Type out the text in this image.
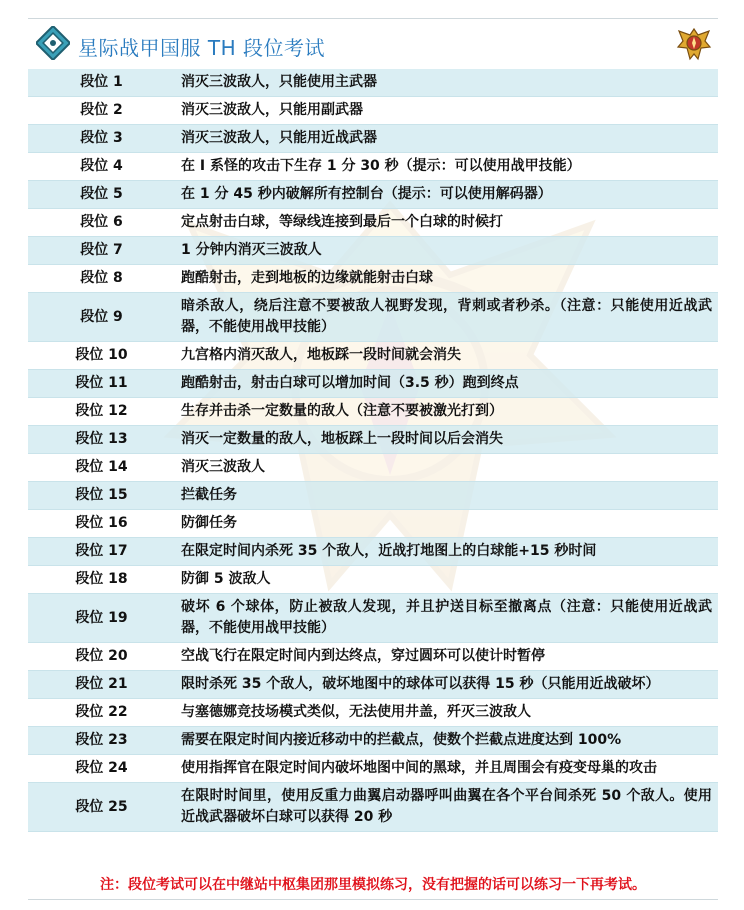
星际战甲国服 TH 段位考试
段位 1	消灭三波敌人，只能使用主武器
段位 2	消灭三波敌人，只能用副武器
段位 3	消灭三波敌人，只能用近战武器
段位 4	在 I 系怪的攻击下生存 1 分 30 秒（提示：可以使用战甲技能）
段位 5	在 1 分 45 秒内破解所有控制台（提示：可以使用解码器）
段位 6	定点射击白球，等绿线连接到最后一个白球的时候打
段位 7	1 分钟内消灭三波敌人
段位 8	跑酷射击，走到地板的边缘就能射击白球
段位 9	暗杀敌人，绕后注意不要被敌人视野发现，背刺或者秒杀。（注意：只能使用近战武器，不能使用战甲技能）
段位 10	九宫格内消灭敌人，地板踩一段时间就会消失
段位 11	跑酷射击，射击白球可以增加时间（3.5 秒）跑到终点
段位 12	生存并击杀一定数量的敌人（注意不要被激光打到）
段位 13	消灭一定数量的敌人，地板踩上一段时间以后会消失
段位 14	消灭三波敌人
段位 15	拦截任务
段位 16	防御任务
段位 17	在限定时间内杀死 35 个敌人，近战打地图上的白球能+15 秒时间
段位 18	防御 5 波敌人
段位 19	破坏 6 个球体，防止被敌人发现，并且护送目标至撤离点（注意：只能使用近战武器，不能使用战甲技能）
段位 20	空战飞行在限定时间内到达终点，穿过圆环可以使计时暂停
段位 21	限时杀死 35 个敌人，破坏地图中的球体可以获得 15 秒（只能用近战破坏）
段位 22	与塞德娜竞技场模式类似，无法使用井盖，歼灭三波敌人
段位 23	需要在限定时间内接近移动中的拦截点，使数个拦截点进度达到 100%
段位 24	使用指挥官在限定时间内破坏地图中间的黑球，并且周围会有疫变母巢的攻击
段位 25	在限时时间里，使用反重力曲翼启动器呼叫曲翼在各个平台间杀死 50 个敌人。使用近战武器破坏白球可以获得 20 秒
注：段位考试可以在中继站中枢集团那里模拟练习，没有把握的话可以练习一下再考试。
